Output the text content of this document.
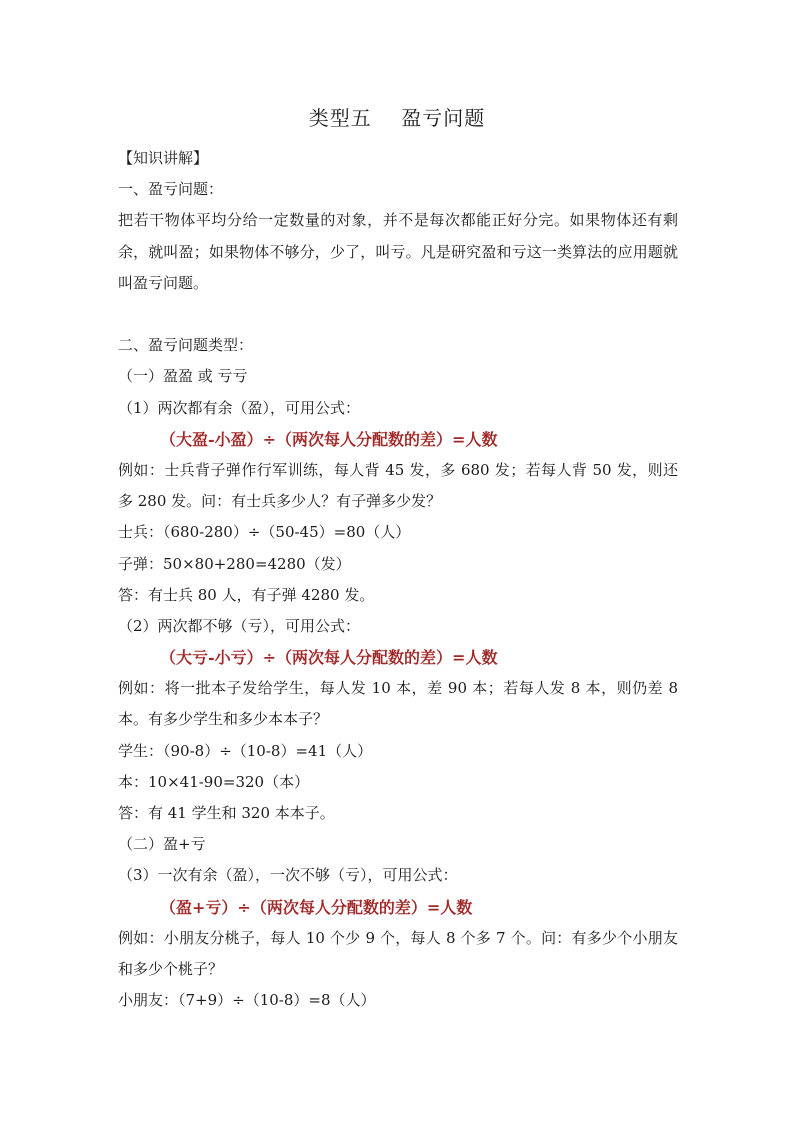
类型五    盈亏问题
【知识讲解】
一、盈亏问题：
把若干物体平均分给一定数量的对象，并不是每次都能正好分完。如果物体还有剩余，就叫盈；如果物体不够分，少了，叫亏。凡是研究盈和亏这一类算法的应用题就叫盈亏问题。
二、盈亏问题类型：
（一）盈盈 或 亏亏
（1）两次都有余（盈），可用公式：
（大盈-小盈）÷（两次每人分配数的差）=人数
例如：士兵背子弹作行军训练，每人背 45 发，多 680 发；若每人背 50 发，则还多 280 发。问：有士兵多少人？有子弹多少发？
士兵：（680-280）÷（50-45）=80（人）
子弹：50×80+280=4280（发）
答：有士兵 80 人，有子弹 4280 发。
（2）两次都不够（亏），可用公式：
（大亏-小亏）÷（两次每人分配数的差）=人数
例如：将一批本子发给学生，每人发 10 本，差 90 本；若每人发 8 本，则仍差 8 本。有多少学生和多少本本子？
学生：（90-8）÷（10-8）=41（人）
本：10×41-90=320（本）
答：有 41 学生和 320 本本子。
（二）盈+亏
（3）一次有余（盈），一次不够（亏），可用公式：
（盈+亏）÷（两次每人分配数的差）=人数
例如：小朋友分桃子，每人 10 个少 9 个，每人 8 个多 7 个。问：有多少个小朋友和多少个桃子？
小朋友：（7+9）÷（10-8）=8（人）
